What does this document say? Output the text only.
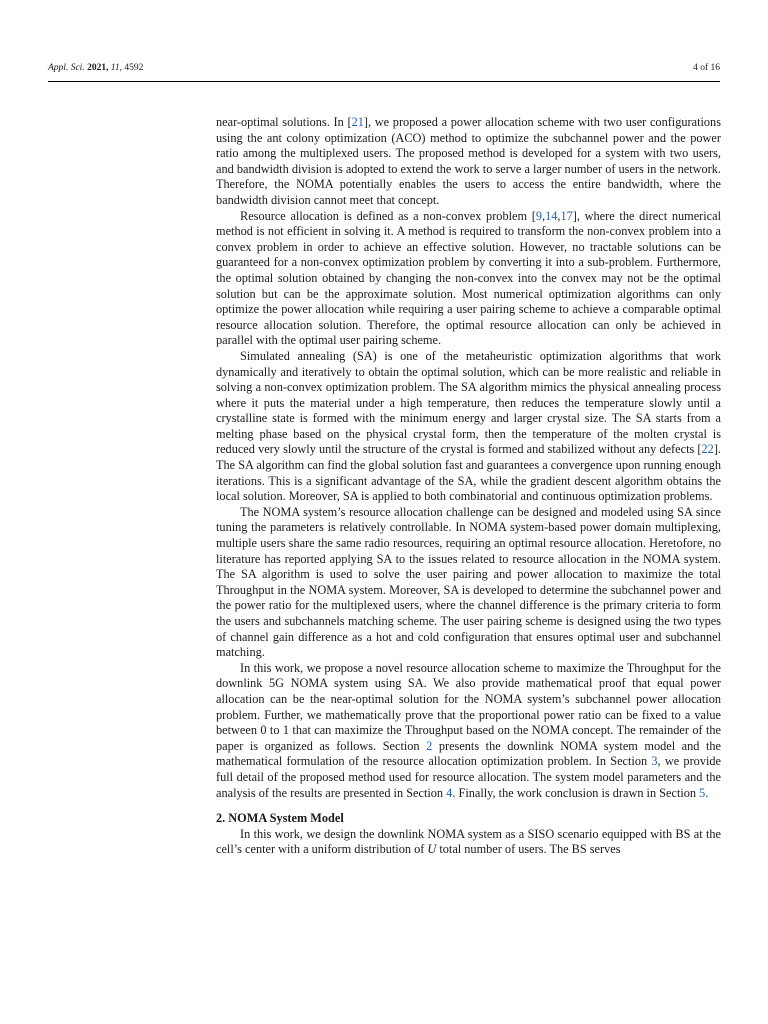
Appl. Sci. 2021, 11, 4592	4 of 16

near-optimal solutions. In [21], we proposed a power allocation scheme with two user configurations using the ant colony optimization (ACO) method to optimize the subchannel power and the power ratio among the multiplexed users. The proposed method is developed for a system with two users, and bandwidth division is adopted to extend the work to serve a larger number of users in the network. Therefore, the NOMA potentially enables the users to access the entire bandwidth, where the bandwidth division cannot meet that concept.

Resource allocation is defined as a non-convex problem [9,14,17], where the direct numerical method is not efficient in solving it. A method is required to transform the non-convex problem into a convex problem in order to achieve an effective solution. However, no tractable solutions can be guaranteed for a non-convex optimization problem by converting it into a sub-problem. Furthermore, the optimal solution obtained by changing the non-convex into the convex may not be the optimal solution but can be the approximate solution. Most numerical optimization algorithms can only optimize the power allocation while requiring a user pairing scheme to achieve a comparable optimal resource allocation solution. Therefore, the optimal resource allocation can only be achieved in parallel with the optimal user pairing scheme.

Simulated annealing (SA) is one of the metaheuristic optimization algorithms that work dynamically and iteratively to obtain the optimal solution, which can be more realistic and reliable in solving a non-convex optimization problem. The SA algorithm mimics the physical annealing process where it puts the material under a high temperature, then reduces the temperature slowly until a crystalline state is formed with the minimum energy and larger crystal size. The SA starts from a melting phase based on the physical crystal form, then the temperature of the molten crystal is reduced very slowly until the structure of the crystal is formed and stabilized without any defects [22]. The SA algorithm can find the global solution fast and guarantees a convergence upon running enough iterations. This is a significant advantage of the SA, while the gradient descent algorithm obtains the local solution. Moreover, SA is applied to both combinatorial and continuous optimization problems.

The NOMA system’s resource allocation challenge can be designed and modeled using SA since tuning the parameters is relatively controllable. In NOMA system-based power domain multiplexing, multiple users share the same radio resources, requiring an optimal resource allocation. Heretofore, no literature has reported applying SA to the issues related to resource allocation in the NOMA system. The SA algorithm is used to solve the user pairing and power allocation to maximize the total Throughput in the NOMA system. Moreover, SA is developed to determine the subchannel power and the power ratio for the multiplexed users, where the channel difference is the primary criteria to form the users and subchannels matching scheme. The user pairing scheme is designed using the two types of channel gain difference as a hot and cold configuration that ensures optimal user and subchannel matching.

In this work, we propose a novel resource allocation scheme to maximize the Throughput for the downlink 5G NOMA system using SA. We also provide mathematical proof that equal power allocation can be the near-optimal solution for the NOMA system’s subchannel power allocation problem. Further, we mathematically prove that the proportional power ratio can be fixed to a value between 0 to 1 that can maximize the Throughput based on the NOMA concept. The remainder of the paper is organized as follows. Section 2 presents the downlink NOMA system model and the mathematical formulation of the resource allocation optimization problem. In Section 3, we provide full detail of the proposed method used for resource allocation. The system model parameters and the analysis of the results are presented in Section 4. Finally, the work conclusion is drawn in Section 5.

2. NOMA System Model

In this work, we design the downlink NOMA system as a SISO scenario equipped with BS at the cell’s center with a uniform distribution of U total number of users. The BS serves
